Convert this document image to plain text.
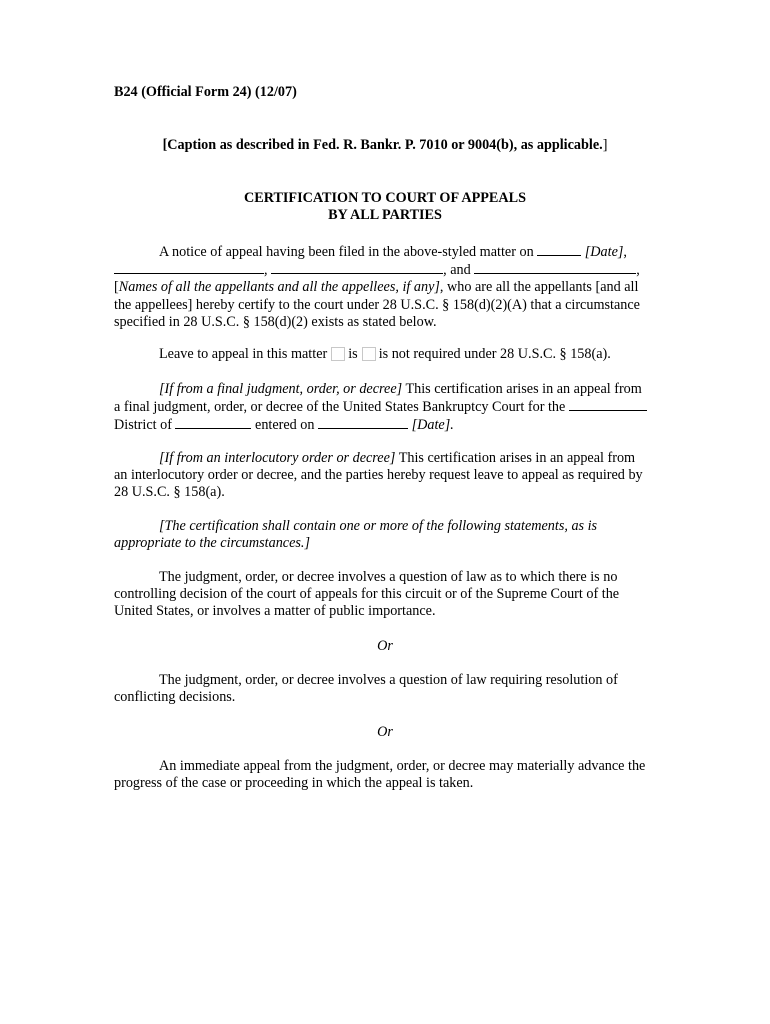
B24 (Official Form 24) (12/07)
[Caption as described in Fed. R. Bankr. P. 7010 or 9004(b), as applicable.]
CERTIFICATION TO COURT OF APPEALS
BY ALL PARTIES
A notice of appeal having been filed in the above-styled matter on	[Date],
,	, and	,
[Names of all the appellants and all the appellees, if any], who are all the appellants [and all
the appellees] hereby certify to the court under 28 U.S.C. § 158(d)(2)(A) that a circumstance
specified in 28 U.S.C. § 158(d)(2) exists as stated below.
Leave to appeal in this matter is is not required under 28 U.S.C. § 158(a).
[If from a final judgment, order, or decree] This certification arises in an appeal from
a final judgment, order, or decree of the United States Bankruptcy Court for the
District of	entered on	[Date].
[If from an interlocutory order or decree] This certification arises in an appeal from
an interlocutory order or decree, and the parties hereby request leave to appeal as required by
28 U.S.C. § 158(a).
[The certification shall contain one or more of the following statements, as is
appropriate to the circumstances.]
The judgment, order, or decree involves a question of law as to which there is no
controlling decision of the court of appeals for this circuit or of the Supreme Court of the
United States, or involves a matter of public importance.
Or
The judgment, order, or decree involves a question of law requiring resolution of
conflicting decisions.
Or
An immediate appeal from the judgment, order, or decree may materially advance the
progress of the case or proceeding in which the appeal is taken.
